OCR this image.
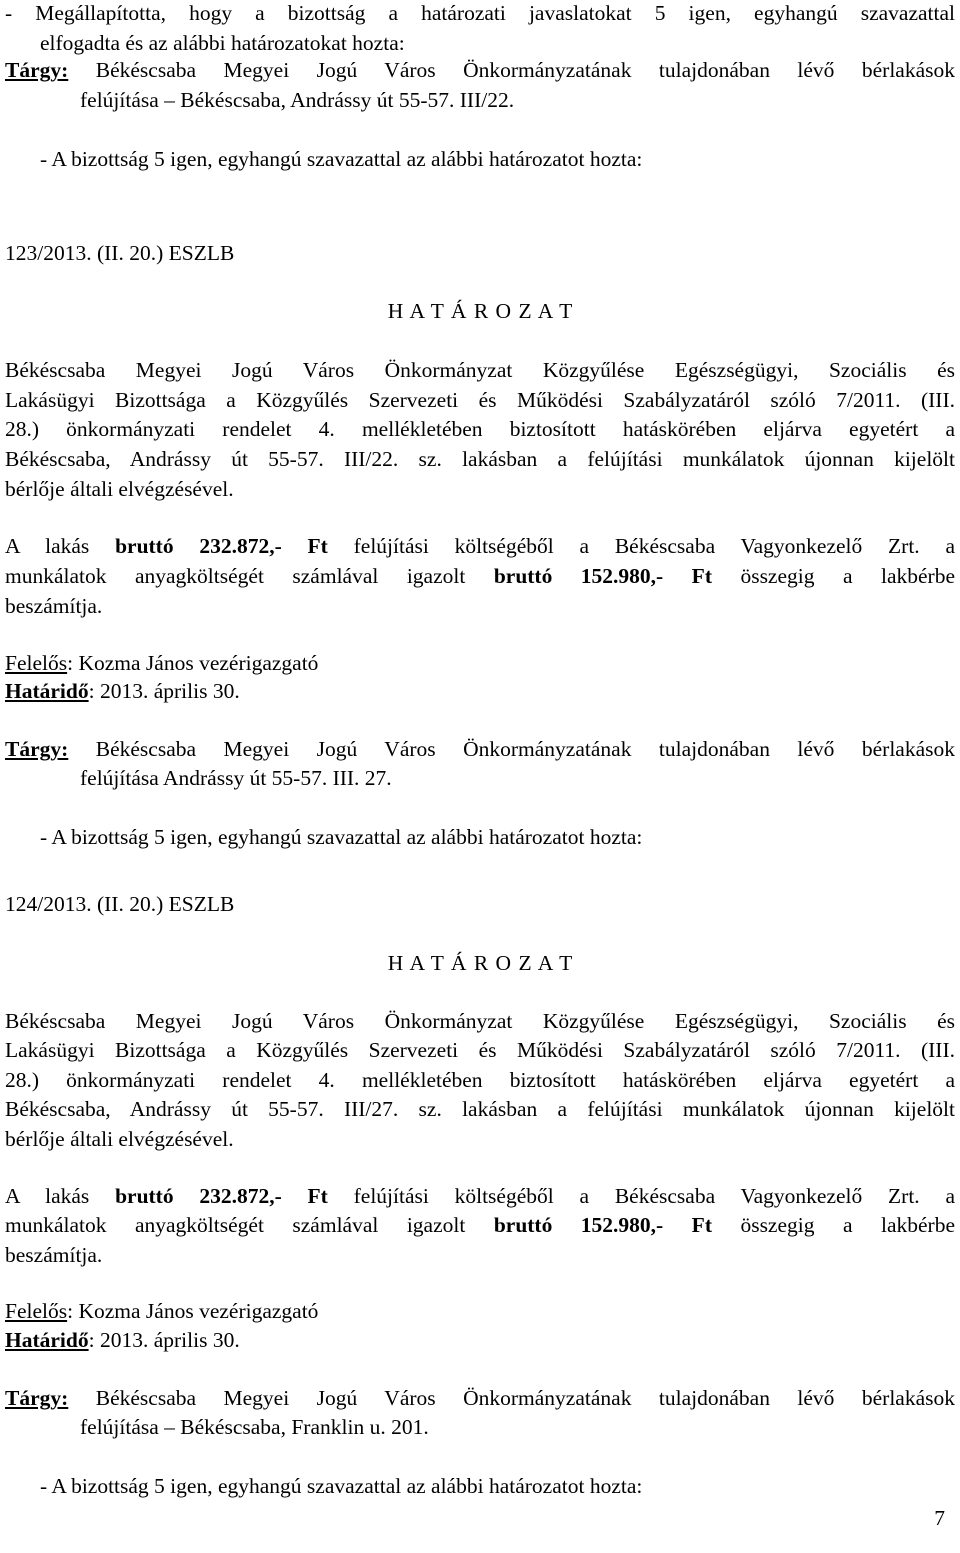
- Megállapította, hogy a bizottság a határozati javaslatokat 5 igen, egyhangú szavazattal
elfogadta és az alábbi határozatokat hozta:
Tárgy: Békéscsaba Megyei Jogú Város Önkormányzatának tulajdonában lévő bérlakások
felújítása – Békéscsaba, Andrássy út 55-57. III/22.
- A bizottság 5 igen, egyhangú szavazattal az alábbi határozatot hozta:
123/2013. (II. 20.) ESZLB
H A T Á R O Z A T
Békéscsaba Megyei Jogú Város Önkormányzat Közgyűlése Egészségügyi, Szociális és
Lakásügyi Bizottsága a Közgyűlés Szervezeti és Működési Szabályzatáról szóló 7/2011. (III.
28.) önkormányzati rendelet 4. mellékletében biztosított hatáskörében eljárva egyetért a
Békéscsaba, Andrássy út 55-57. III/22. sz. lakásban a felújítási munkálatok újonnan kijelölt
bérlője általi elvégzésével.
A lakás bruttó 232.872,- Ft felújítási költségéből a Békéscsaba Vagyonkezelő Zrt. a
munkálatok anyagköltségét számlával igazolt bruttó 152.980,- Ft összegig a lakbérbe
beszámítja.
Felelős: Kozma János vezérigazgató
Határidő: 2013. április 30.
Tárgy: Békéscsaba Megyei Jogú Város Önkormányzatának tulajdonában lévő bérlakások
felújítása Andrássy út 55-57. III. 27.
- A bizottság 5 igen, egyhangú szavazattal az alábbi határozatot hozta:
124/2013. (II. 20.) ESZLB
H A T Á R O Z A T
Békéscsaba Megyei Jogú Város Önkormányzat Közgyűlése Egészségügyi, Szociális és
Lakásügyi Bizottsága a Közgyűlés Szervezeti és Működési Szabályzatáról szóló 7/2011. (III.
28.) önkormányzati rendelet 4. mellékletében biztosított hatáskörében eljárva egyetért a
Békéscsaba, Andrássy út 55-57. III/27. sz. lakásban a felújítási munkálatok újonnan kijelölt
bérlője általi elvégzésével.
A lakás bruttó 232.872,- Ft felújítási költségéből a Békéscsaba Vagyonkezelő Zrt. a
munkálatok anyagköltségét számlával igazolt bruttó 152.980,- Ft összegig a lakbérbe
beszámítja.
Felelős: Kozma János vezérigazgató
Határidő: 2013. április 30.
Tárgy: Békéscsaba Megyei Jogú Város Önkormányzatának tulajdonában lévő bérlakások
felújítása – Békéscsaba, Franklin u. 201.
- A bizottság 5 igen, egyhangú szavazattal az alábbi határozatot hozta:
7
